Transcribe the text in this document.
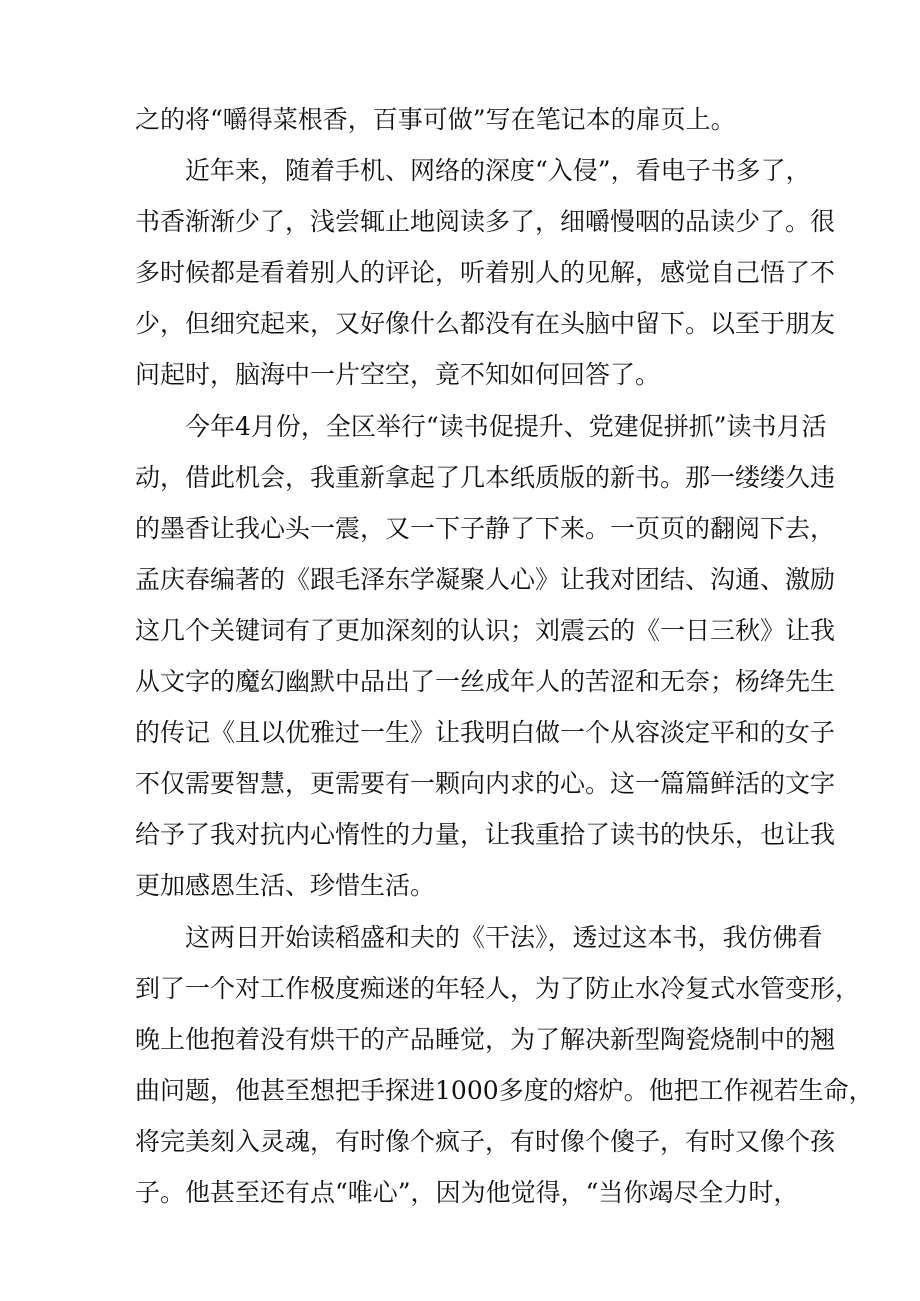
之的将“嚼得菜根香，百事可做”写在笔记本的扉页上。
近年来，随着手机、网络的深度“入侵”，看电子书多了，
书香渐渐少了，浅尝辄止地阅读多了，细嚼慢咽的品读少了。很
多时候都是看着别人的评论，听着别人的见解，感觉自己悟了不
少，但细究起来，又好像什么都没有在头脑中留下。以至于朋友
问起时，脑海中一片空空，竟不知如何回答了。
今年4月份，全区举行“读书促提升、党建促拼抓”读书月活
动，借此机会，我重新拿起了几本纸质版的新书。那一缕缕久违
的墨香让我心头一震，又一下子静了下来。一页页的翻阅下去，
孟庆春编著的《跟毛泽东学凝聚人心》让我对团结、沟通、激励
这几个关键词有了更加深刻的认识；刘震云的《一日三秋》让我
从文字的魔幻幽默中品出了一丝成年人的苦涩和无奈；杨绛先生
的传记《且以优雅过一生》让我明白做一个从容淡定平和的女子
不仅需要智慧，更需要有一颗向内求的心。这一篇篇鲜活的文字
给予了我对抗内心惰性的力量，让我重拾了读书的快乐，也让我
更加感恩生活、珍惜生活。
这两日开始读稻盛和夫的《干法》，透过这本书，我仿佛看
到了一个对工作极度痴迷的年轻人，为了防止水冷复式水管变形，
晚上他抱着没有烘干的产品睡觉，为了解决新型陶瓷烧制中的翘
曲问题，他甚至想把手探进1000多度的熔炉。他把工作视若生命，
将完美刻入灵魂，有时像个疯子，有时像个傻子，有时又像个孩
子。他甚至还有点“唯心”，因为他觉得，“当你竭尽全力时，
